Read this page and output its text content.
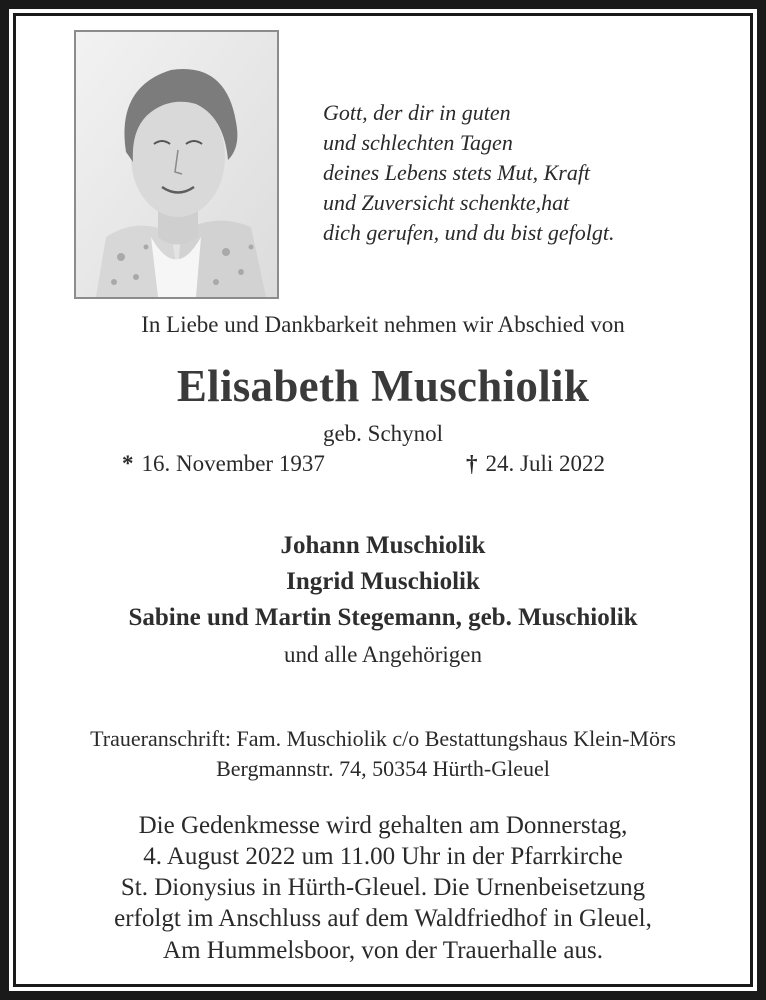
Gott, der dir in guten
und schlechten Tagen
deines Lebens stets Mut, Kraft
und Zuversicht schenkte,hat
dich gerufen, und du bist gefolgt.
In Liebe und Dankbarkeit nehmen wir Abschied von
Elisabeth Muschiolik
geb. Schynol
* 16. November 1937	† 24. Juli 2022
Johann Muschiolik
Ingrid Muschiolik
Sabine und Martin Stegemann, geb. Muschiolik
und alle Angehörigen
Traueranschrift: Fam. Muschiolik c/o Bestattungshaus Klein-Mörs
Bergmannstr. 74, 50354 Hürth-Gleuel
Die Gedenkmesse wird gehalten am Donnerstag,
4. August 2022 um 11.00 Uhr in der Pfarrkirche
St. Dionysius in Hürth-Gleuel. Die Urnenbeisetzung
erfolgt im Anschluss auf dem Waldfriedhof in Gleuel,
Am Hummelsboor, von der Trauerhalle aus.
